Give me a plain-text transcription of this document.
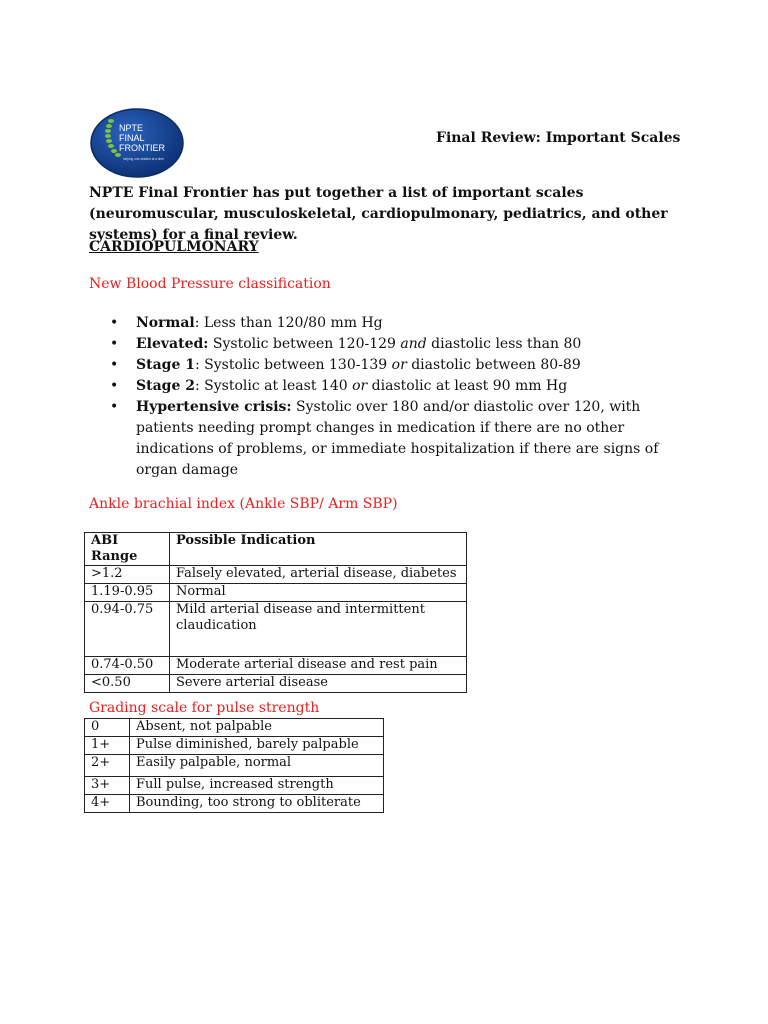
NPTE
FINAL
FRONTIER
helping one student at a time
Final Review: Important Scales
NPTE Final Frontier has put together a list of important scales (neuromuscular, musculoskeletal, cardiopulmonary, pediatrics, and other systems) for a final review.
CARDIOPULMONARY
New Blood Pressure classification
• Normal: Less than 120/80 mm Hg
• Elevated: Systolic between 120-129 and diastolic less than 80
• Stage 1: Systolic between 130-139 or diastolic between 80-89
• Stage 2: Systolic at least 140 or diastolic at least 90 mm Hg
• Hypertensive crisis: Systolic over 180 and/or diastolic over 120, with patients needing prompt changes in medication if there are no other indications of problems, or immediate hospitalization if there are signs of organ damage
Ankle brachial index (Ankle SBP/ Arm SBP)
ABI Range	Possible Indication
>1.2	Falsely elevated, arterial disease, diabetes
1.19-0.95	Normal
0.94-0.75	Mild arterial disease and intermittent claudication
0.74-0.50	Moderate arterial disease and rest pain
<0.50	Severe arterial disease
Grading scale for pulse strength
0	Absent, not palpable
1+	Pulse diminished, barely palpable
2+	Easily palpable, normal
3+	Full pulse, increased strength
4+	Bounding, too strong to obliterate
